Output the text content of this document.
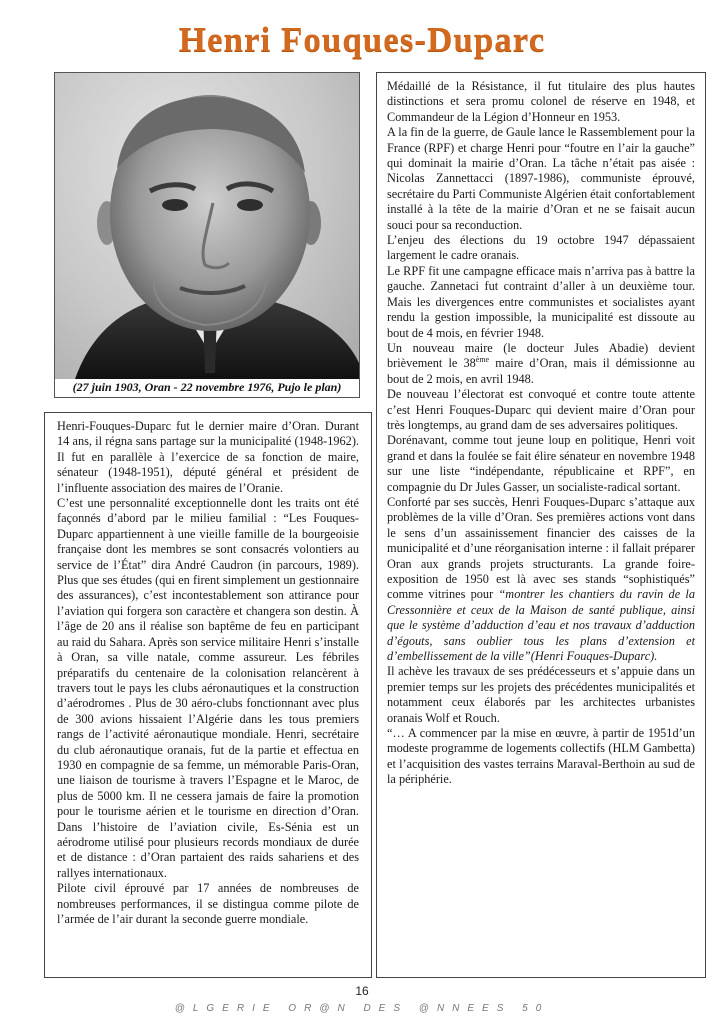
Henri Fouques-Duparc
(27 juin 1903, Oran - 22 novembre 1976, Pujo le plan)

Henri-Fouques-Duparc fut le dernier maire d’Oran. Durant 14 ans, il régna sans partage sur la municipalité (1948-1962). Il fut en parallèle à l’exercice de sa fonction de maire, sénateur (1948-1951), député général et président de l’influente association des maires de l’Oranie.

C’est une personnalité exceptionnelle dont les traits ont été façonnés d’abord par le milieu familial : “Les Fouques-Duparc appartiennent à une vieille famille de la bourgeoisie française dont les membres se sont consacrés volontiers au service de l’État” dira André Caudron (in parcours, 1989). Plus que ses études (qui en firent simplement un gestionnaire des assurances), c’est incontestablement son attirance pour l’aviation qui forgera son caractère et changera son destin. À l’âge de 20 ans il réalise son baptême de feu en participant au raid du Sahara. Après son service militaire Henri s’installe à Oran, sa ville natale, comme assureur. Les fébriles préparatifs du centenaire de la colonisation relancèrent à travers tout le pays les clubs aéronautiques et la construction d’aérodromes . Plus de 30 aéro-clubs fonctionnant avec plus de 300 avions hissaient l’Algérie dans les tous premiers rangs de l’activité aéronautique mondiale. Henri, secrétaire du club aéronautique oranais, fut de la partie et effectua en 1930 en compagnie de sa femme, un mémorable Paris-Oran, une liaison de tourisme à travers l’Espagne et le Maroc, de plus de 5000 km. Il ne cessera jamais de faire la promotion pour le tourisme aérien et le tourisme en direction d’Oran. Dans l’histoire de l’aviation civile, Es-Sénia est un aérodrome utilisé pour plusieurs records mondiaux de durée et de distance : d’Oran partaient des raids sahariens et des rallyes internationaux.

Pilote civil éprouvé par 17 années de nombreuses de nombreuses performances, il se distingua comme pilote de l’armée de l’air durant la seconde guerre mondiale.

Médaillé de la Résistance, il fut titulaire des plus hautes distinctions et sera promu colonel de réserve en 1948, et Commandeur de la Légion d’Honneur en 1953.

A la fin de la guerre, de Gaule lance le Rassemblement pour la France (RPF) et charge Henri pour “foutre en l’air la gauche” qui dominait la mairie d’Oran. La tâche n’était pas aisée : Nicolas Zannettacci (1897-1986), communiste éprouvé, secrétaire du Parti Communiste Algérien était confortablement installé à la tête de la mairie d’Oran et ne se faisait aucun souci pour sa reconduction.

L’enjeu des élections du 19 octobre 1947 dépassaient largement le cadre oranais.

Le RPF fit une campagne efficace mais n’arriva pas à battre la gauche. Zannetaci fut contraint d’aller à un deuxième tour. Mais les divergences entre communistes et socialistes ayant rendu la gestion impossible, la municipalité est dissoute au bout de 4 mois, en février 1948.

Un nouveau maire (le docteur Jules Abadie) devient brièvement le 38ème maire d’Oran, mais il démissionne au bout de 2 mois, en avril 1948.

De nouveau l’électorat est convoqué et contre toute attente c’est Henri Fouques-Duparc qui devient maire d’Oran pour très longtemps, au grand dam de ses adversaires politiques.

Dorénavant, comme tout jeune loup en politique, Henri voit grand et dans la foulée se fait élire sénateur en novembre 1948 sur une liste “indépendante, républicaine et RPF”, en compagnie du Dr Jules Gasser, un socialiste-radical sortant.

Conforté par ses succès, Henri Fouques-Duparc s’attaque aux problèmes de la ville d’Oran. Ses premières actions vont dans le sens d’un assainissement financier des caisses de la municipalité et d’une réorganisation interne : il fallait préparer Oran aux grands projets structurants. La grande foire-exposition de 1950 est là avec ses stands “sophistiqués” comme vitrines pour “montrer les chantiers du ravin de la Cressonnière et ceux de la Maison de santé publique, ainsi que le système d’adduction d’eau et nos travaux d’adduction d’égouts, sans oublier tous les plans d’extension et d’embellissement de la ville”(Henri Fouques-Duparc).

Il achève les travaux de ses prédécesseurs et s’appuie dans un premier temps sur les projets des précédentes municipalités et notamment ceux élaborés par les architectes urbanistes oranais Wolf et Rouch.

“… A commencer par la mise en œuvre, à partir de 1951d’un modeste programme de logements collectifs (HLM Gambetta) et l’acquisition des vastes terrains Maraval-Berthoin au sud de la périphérie.

16
@LGERIE OR@N DES @NNEES 50
